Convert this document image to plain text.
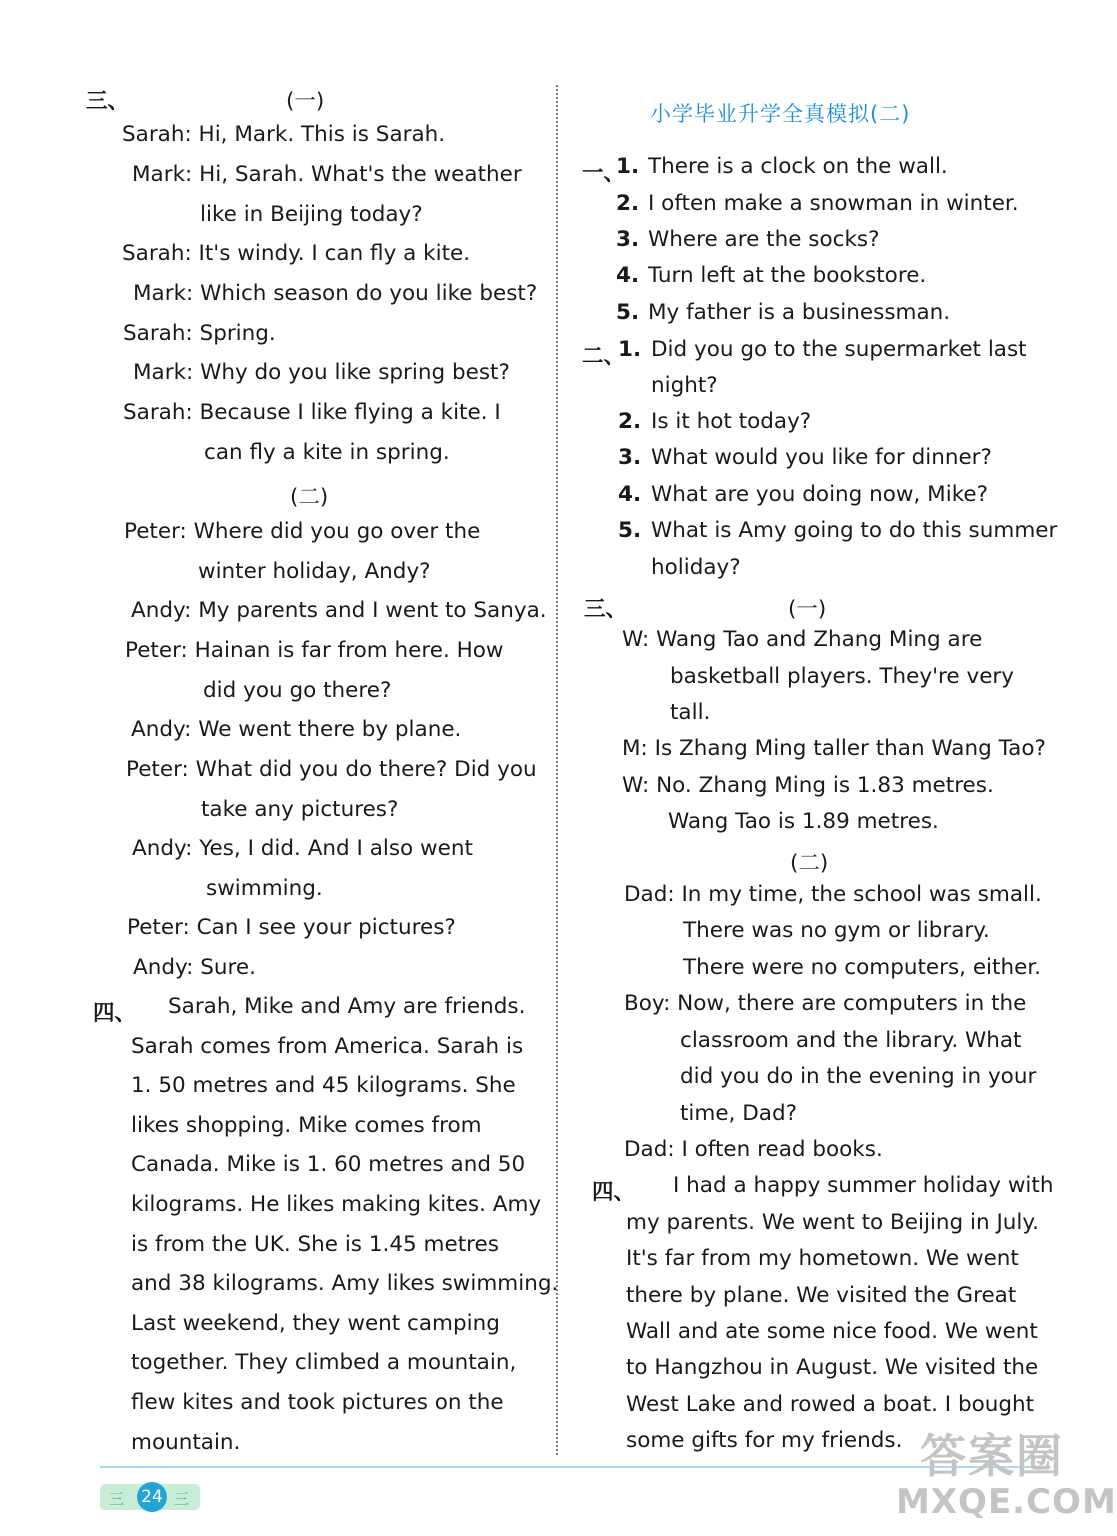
三、	(一)
Sarah: Hi, Mark. This is Sarah.
Mark: Hi, Sarah. What's the weather
like in Beijing today?
Sarah: It's windy. I can fly a kite.
Mark: Which season do you like best?
Sarah: Spring.
Mark: Why do you like spring best?
Sarah: Because I like flying a kite. I
can fly a kite in spring.
(二)
Peter: Where did you go over the
winter holiday, Andy?
Andy: My parents and I went to Sanya.
Peter: Hainan is far from here. How
did you go there?
Andy: We went there by plane.
Peter: What did you do there? Did you
take any pictures?
Andy: Yes, I did. And I also went
swimming.
Peter: Can I see your pictures?
Andy: Sure.
四、 Sarah, Mike and Amy are friends.
Sarah comes from America. Sarah is
1. 50 metres and 45 kilograms. She
likes shopping. Mike comes from
Canada. Mike is 1. 60 metres and 50
kilograms. He likes making kites. Amy
is from the UK. She is 1.45 metres
and 38 kilograms. Amy likes swimming.
Last weekend, they went camping
together. They climbed a mountain,
flew kites and took pictures on the
mountain.
小学毕业升学全真模拟(二)
一、
1. There is a clock on the wall.
2. I often make a snowman in winter.
3. Where are the socks?
4. Turn left at the bookstore.
5. My father is a businessman.
二、
1. Did you go to the supermarket last
night?
2. Is it hot today?
3. What would you like for dinner?
4. What are you doing now, Mike?
5. What is Amy going to do this summer
holiday?
三、	(一)
W: Wang Tao and Zhang Ming are
basketball players. They're very
tall.
M: Is Zhang Ming taller than Wang Tao?
W: No. Zhang Ming is 1.83 metres.
Wang Tao is 1.89 metres.
(二)
Dad: In my time, the school was small.
There was no gym or library.
There were no computers, either.
Boy: Now, there are computers in the
classroom and the library. What
did you do in the evening in your
time, Dad?
Dad: I often read books.
四、 I had a happy summer holiday with
my parents. We went to Beijing in July.
It's far from my hometown. We went
there by plane. We visited the Great
Wall and ate some nice food. We went
to Hangzhou in August. We visited the
West Lake and rowed a boat. I bought
some gifts for my friends.
三 24 三
答案圈
MXQE.COM
